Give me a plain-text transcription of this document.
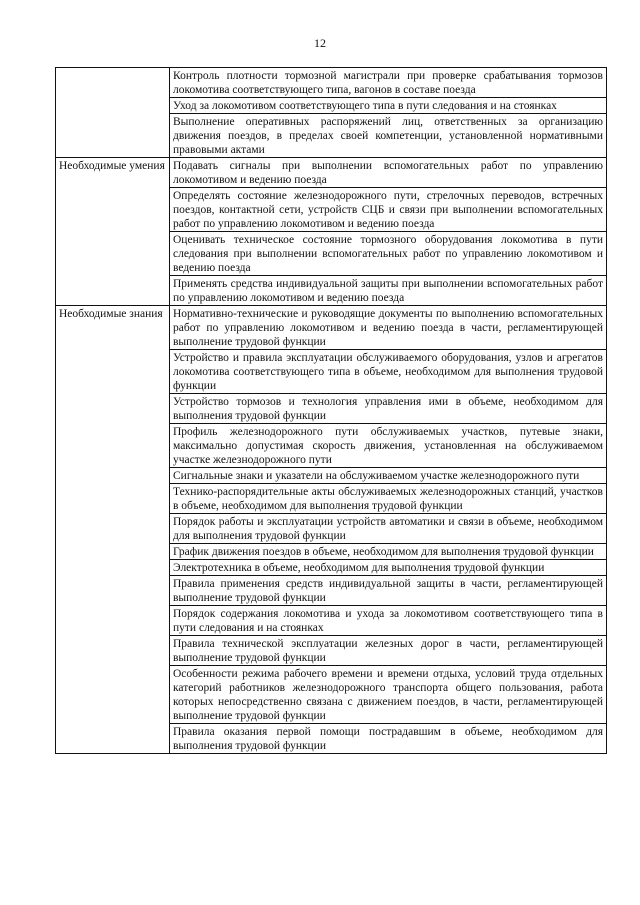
12
	Контроль плотности тормозной магистрали при проверке срабатывания тормозов локомотива соответствующего типа, вагонов в составе поезда
	Уход за локомотивом соответствующего типа в пути следования и на стоянках
	Выполнение оперативных распоряжений лиц, ответственных за организацию движения поездов, в пределах своей компетенции, установленной нормативными правовыми актами
Необходимые умения	Подавать сигналы при выполнении вспомогательных работ по управлению локомотивом и ведению поезда
	Определять состояние железнодорожного пути, стрелочных переводов, встречных поездов, контактной сети, устройств СЦБ и связи при выполнении вспомогательных работ по управлению локомотивом и ведению поезда
	Оценивать техническое состояние тормозного оборудования локомотива в пути следования при выполнении вспомогательных работ по управлению локомотивом и ведению поезда
	Применять средства индивидуальной защиты при выполнении вспомогательных работ по управлению локомотивом и ведению поезда
Необходимые знания	Нормативно-технические и руководящие документы по выполнению вспомогательных работ по управлению локомотивом и ведению поезда в части, регламентирующей выполнение трудовой функции
	Устройство и правила эксплуатации обслуживаемого оборудования, узлов и агрегатов локомотива соответствующего типа в объеме, необходимом для выполнения трудовой функции
	Устройство тормозов и технология управления ими в объеме, необходимом для выполнения трудовой функции
	Профиль железнодорожного пути обслуживаемых участков, путевые знаки, максимально допустимая скорость движения, установленная на обслуживаемом участке железнодорожного пути
	Сигнальные знаки и указатели на обслуживаемом участке железнодорожного пути
	Технико-распорядительные акты обслуживаемых железнодорожных станций, участков в объеме, необходимом для выполнения трудовой функции
	Порядок работы и эксплуатации устройств автоматики и связи в объеме, необходимом для выполнения трудовой функции
	График движения поездов в объеме, необходимом для выполнения трудовой функции
	Электротехника в объеме, необходимом для выполнения трудовой функции
	Правила применения средств индивидуальной защиты в части, регламентирующей выполнение трудовой функции
	Порядок содержания локомотива и ухода за локомотивом соответствующего типа в пути следования и на стоянках
	Правила технической эксплуатации железных дорог в части, регламентирующей выполнение трудовой функции
	Особенности режима рабочего времени и времени отдыха, условий труда отдельных категорий работников железнодорожного транспорта общего пользования, работа которых непосредственно связана с движением поездов, в части, регламентирующей выполнение трудовой функции
	Правила оказания первой помощи пострадавшим в объеме, необходимом для выполнения трудовой функции
